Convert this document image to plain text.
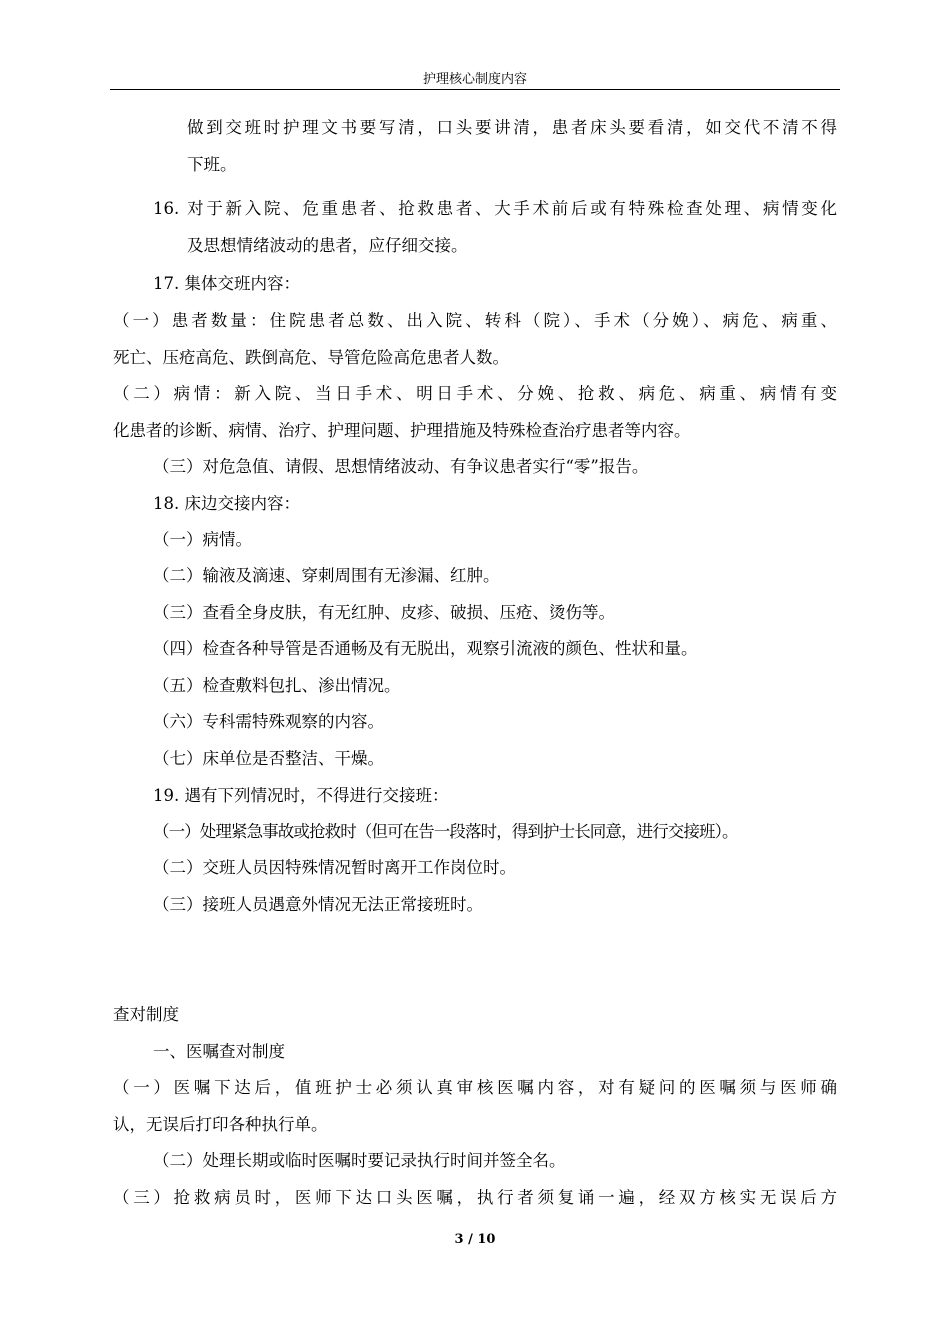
护理核心制度内容
做到交班时护理文书要写清，口头要讲清，患者床头要看清，如交代不清不得
下班。
16. 对于新入院、危重患者、抢救患者、大手术前后或有特殊检查处理、病情变化
及思想情绪波动的患者，应仔细交接。
17. 集体交班内容：
（一）患者数量：住院患者总数、出入院、转科（院）、手术（分娩）、病危、病重、
死亡、压疮高危、跌倒高危、导管危险高危患者人数。
（二）病情：新入院、当日手术、明日手术、分娩、抢救、病危、病重、病情有变
化患者的诊断、病情、治疗、护理问题、护理措施及特殊检查治疗患者等内容。
（三）对危急值、请假、思想情绪波动、有争议患者实行“零”报告。
18. 床边交接内容：
（一）病情。
（二）输液及滴速、穿刺周围有无渗漏、红肿。
（三）查看全身皮肤，有无红肿、皮疹、破损、压疮、烫伤等。
（四）检查各种导管是否通畅及有无脱出，观察引流液的颜色、性状和量。
（五）检查敷料包扎、渗出情况。
（六）专科需特殊观察的内容。
（七）床单位是否整洁、干燥。
19. 遇有下列情况时，不得进行交接班：
（一）处理紧急事故或抢救时（但可在告一段落时，得到护士长同意，进行交接班）。
（二）交班人员因特殊情况暂时离开工作岗位时。
（三）接班人员遇意外情况无法正常接班时。
查对制度
一、医嘱查对制度
（一）医嘱下达后，值班护士必须认真审核医嘱内容，对有疑问的医嘱须与医师确
认，无误后打印各种执行单。
（二）处理长期或临时医嘱时要记录执行时间并签全名。
（三）抢救病员时，医师下达口头医嘱，执行者须复诵一遍，经双方核实无误后方
3 / 10
